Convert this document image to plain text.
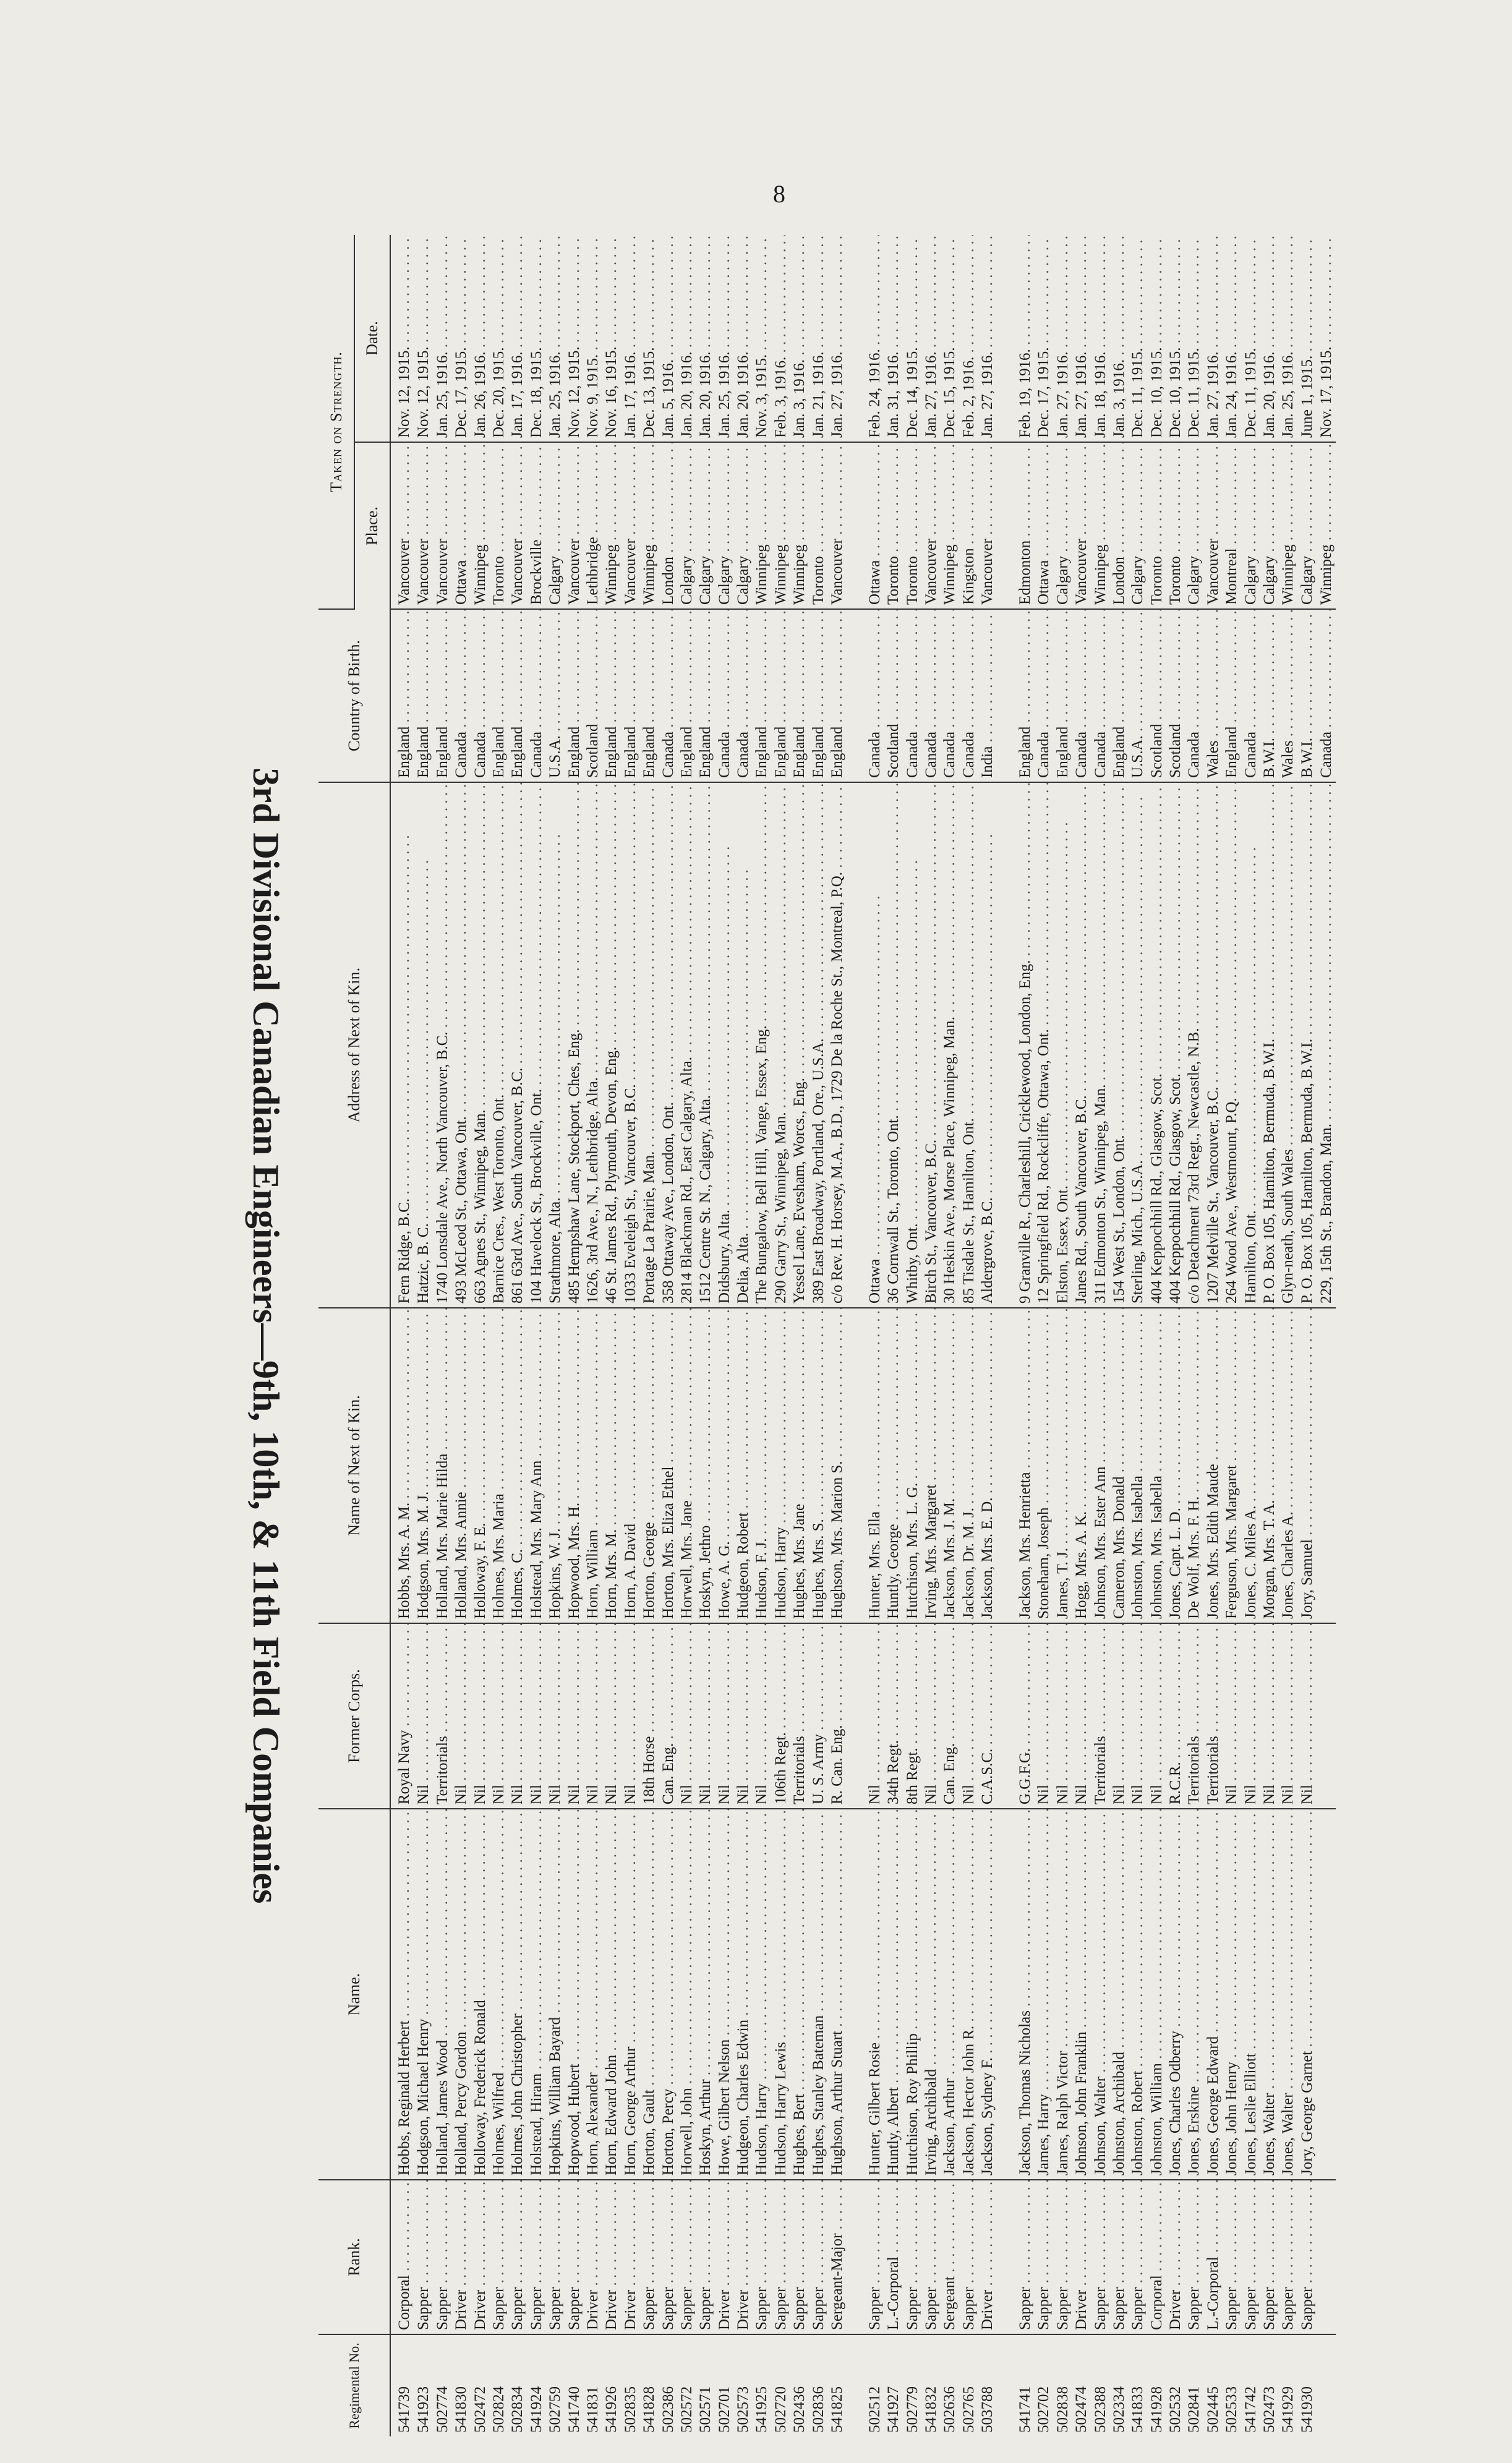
8
3rd Divisional Canadian Engineers—9th, 10th, & 11th Field Companies
Regimental No.	Rank.	Name.	Former Corps.	Name of Next of Kin.	Address of Next of Kin.	Country of Birth.	Taken on Strength.	
							Place.	Date.
541739	Corporal . . .	Hobbs, Reginald Herbert . . .	Royal Navy . . .	Hobbs, Mrs. A. M. . . .	Fern Ridge, B.C. . . .	England . . .	Vancouver . . .	Nov. 12, 1915. . . .
541923	Sapper . . .	Hodgson, Michael Henry . . .	Nil . . .	Hodgson, Mrs. M. J. . . .	Hatzic, B. C. . . .	England . . .	Vancouver . . .	Nov. 12, 1915. . . .
502774	Sapper . . .	Holland, James Wood . . .	Territorials . . .	Holland, Mrs. Marie Hilda . . .	1740 Lonsdale Ave., North Vancouver, B.C. . . .	England . . .	Vancouver . . .	Jan. 25, 1916. . . .
541830	Driver . . .	Holland, Percy Gordon . . .	Nil . . .	Holland, Mrs. Annie . . .	493 McLeod St., Ottawa, Ont. . . .	Canada . . .	Ottawa . . .	Dec. 17, 1915. . . .
502472	Driver . . .	Holloway, Frederick Ronald . . .	Nil . . .	Holloway, F. E. . . .	663 Agnes St., Winnipeg, Man. . . .	Canada . . .	Winnipeg . . .	Jan. 26, 1916. . . .
502824	Sapper . . .	Holmes, Wilfred . . .	Nil . . .	Holmes, Mrs. Maria . . .	Barnice Cres., West Toronto, Ont. . . .	England . . .	Toronto . . .	Dec. 20, 1915. . . .
502834	Sapper . . .	Holmes, John Christopher . . .	Nil . . .	Holmes, C. . . .	861 63rd Ave., South Vancouver, B.C. . . .	England . . .	Vancouver . . .	Jan. 17, 1916. . . .
541924	Sapper . . .	Holstead, Hiram . . .	Nil . . .	Holstead, Mrs. Mary Ann . . .	104 Havelock St., Brockville, Ont. . . .	Canada . . .	Brockville . . .	Dec. 18, 1915. . . .
502759	Sapper . . .	Hopkins, William Bayard . . .	Nil . . .	Hopkins, W. J. . . .	Strathmore, Alta. . . .	U.S.A. . . .	Calgary . . .	Jan. 25, 1916. . . .
541740	Sapper . . .	Hopwood, Hubert . . .	Nil . . .	Hopwood, Mrs. H. . . .	485 Hempshaw Lane, Stockport, Ches, Eng. . . .	England . . .	Vancouver . . .	Nov. 12, 1915. . . .
541831	Driver . . .	Horn, Alexander . . .	Nil . . .	Horn, William . . .	1626, 3rd Ave., N., Lethbridge, Alta. . . .	Scotland . . .	Lethbridge . . .	Nov. 9, 1915. . . .
541926	Driver . . .	Horn, Edward John . . .	Nil . . .	Horn, Mrs. M. . . .	46 St. James Rd., Plymouth, Devon, Eng. . . .	England . . .	Winnipeg . . .	Nov. 16, 1915. . . .
502835	Driver . . .	Horn, George Arthur . . .	Nil . . .	Horn, A. David . . .	1033 Eveleigh St., Vancouver, B.C. . . .	England . . .	Vancouver . . .	Jan. 17, 1916. . . .
541828	Sapper . . .	Horton, Gault . . .	18th Horse . . .	Horton, George . . .	Portage La Prairie, Man. . . .	England . . .	Winnipeg . . .	Dec. 13, 1915. . . .
502386	Sapper . . .	Horton, Percy . . .	Can. Eng. . . .	Horton, Mrs. Eliza Ethel . . .	358 Ottaway Ave., London, Ont. . . .	Canada . . .	London . . .	Jan. 5, 1916. . . .
502572	Sapper . . .	Horwell, John . . .	Nil . . .	Horwell, Mrs. Jane . . .	2814 Blackman Rd., East Calgary, Alta. . . .	England . . .	Calgary . . .	Jan. 20, 1916. . . .
502571	Sapper . . .	Hoskyn, Arthur . . .	Nil . . .	Hoskyn, Jethro . . .	1512 Centre St. N., Calgary, Alta. . . .	England . . .	Calgary . . .	Jan. 20, 1916. . . .
502701	Driver . . .	Howe, Gilbert Nelson . . .	Nil . . .	Howe, A. G. . . .	Didsbury, Alta. . . .	Canada . . .	Calgary . . .	Jan. 25, 1916. . . .
502573	Driver . . .	Hudgeon, Charles Edwin . . .	Nil . . .	Hudgeon, Robert . . .	Delia, Alta. . . .	Canada . . .	Calgary . . .	Jan. 20, 1916. . . .
541925	Sapper . . .	Hudson, Harry . . .	Nil . . .	Hudson, F. J. . . .	The Bungalow, Bell Hill, Vange, Essex, Eng. . . .	England . . .	Winnipeg . . .	Nov. 3, 1915. . . .
502720	Sapper . . .	Hudson, Harry Lewis . . .	106th Regt. . . .	Hudson, Harry . . .	290 Garry St., Winnipeg, Man. . . .	England . . .	Winnipeg . . .	Feb. 3, 1916. . . .
502436	Sapper . . .	Hughes, Bert . . .	Territorials . . .	Hughes, Mrs. Jane . . .	Yessel Lane, Evesham, Worcs., Eng. . . .	England . . .	Winnipeg . . .	Jan. 3, 1916. . . .
502836	Sapper . . .	Hughes, Stanley Bateman . . .	U. S. Army . . .	Hughes, Mrs. S. . . .	389 East Broadway, Portland, Ore., U.S.A. . . .	England . . .	Toronto . . .	Jan. 21, 1916. . . .
541825	Sergeant-Major . . .	Hughson, Arthur Stuart . . .	R. Can. Eng. . . .	Hughson, Mrs. Marion S. . . .	c/o Rev. H. Horsey, M.A., B.D., 1729 De la Roche St., Montreal, P.Q. . . .	England . . .	Vancouver . . .	Jan. 27, 1916. . . .

502512	Sapper . . .	Hunter, Gilbert Rosie . . .	Nil . . .	Hunter, Mrs. Ella . . .	Ottawa . . .	Canada . . .	Ottawa . . .	Feb. 24, 1916. . . .
541927	L.-Corporal . . .	Huntly, Albert . . .	34th Regt. . . .	Huntly, George . . .	36 Cornwall St., Toronto, Ont. . . .	Scotland . . .	Toronto . . .	Jan. 31, 1916. . . .
502779	Sapper . . .	Hutchison, Roy Phillip . . .	8th Regt. . . .	Hutchison, Mrs. L. G. . . .	Whitby, Ont. . . .	Canada . . .	Toronto . . .	Dec. 14, 1915. . . .
541832	Sapper . . .	Irving, Archibald . . .	Nil . . .	Irving, Mrs. Margaret . . .	Birch St., Vancouver, B.C. . . .	Canada . . .	Vancouver . . .	Jan. 27, 1916. . . .
502636	Sergeant . . .	Jackson, Arthur . . .	Can. Eng. . . .	Jackson, Mrs. J. M. . . .	30 Heskin Ave., Morse Place, Winnipeg, Man. . . .	Canada . . .	Winnipeg . . .	Dec. 15, 1915. . . .
502765	Sapper . . .	Jackson, Hector John R. . . .	Nil . . .	Jackson, Dr. M. J. . . .	85 Tisdale St., Hamilton, Ont. . . .	Canada . . .	Kingston . . .	Feb. 2, 1916. . . .
503788	Driver . . .	Jackson, Sydney F. . . .	C.A.S.C. . . .	Jackson, Mrs. E. D. . . .	Aldergrove, B.C. . . .	India . . .	Vancouver . . .	Jan. 27, 1916. . . .

541741	Sapper . . .	Jackson, Thomas Nicholas . . .	G.G.F.G. . . .	Jackson, Mrs. Henrietta . . .	9 Granville R., Charleshill, Cricklewood, London, Eng. . . .	England . . .	Edmonton . . .	Feb. 19, 1916. . . .
502702	Sapper . . .	James, Harry . . .	Nil . . .	Stoneham, Joseph . . .	12 Springfield Rd., Rockcliffe, Ottawa, Ont. . . .	Canada . . .	Ottawa . . .	Dec. 17, 1915. . . .
502838	Sapper . . .	James, Ralph Victor . . .	Nil . . .	James, T. J. . . .	Elston, Essex, Ont. . . .	England . . .	Calgary . . .	Jan. 27, 1916. . . .
502474	Driver . . .	Johnson, John Franklin . . .	Nil . . .	Hogg, Mrs. A. K. . . .	Janes Rd., South Vancouver, B.C. . . .	Canada . . .	Vancouver . . .	Jan. 27, 1916. . . .
502388	Sapper . . .	Johnson, Walter . . .	Territorials . . .	Johnson, Mrs. Ester Ann . . .	311 Edmonton St., Winnipeg, Man. . . .	Canada . . .	Winnipeg . . .	Jan. 18, 1916. . . .
502334	Sapper . . .	Johnston, Archibald . . .	Nil . . .	Cameron, Mrs. Donald . . .	154 West St., London, Ont. . . .	England . . .	London . . .	Jan. 3, 1916. . . .
541833	Sapper . . .	Johnston, Robert . . .	Nil . . .	Johnston, Mrs. Isabella . . .	Sterling, Mich., U.S.A. . . .	U.S.A. . . .	Calgary . . .	Dec. 11, 1915. . . .
541928	Corporal . . .	Johnston, William . . .	Nil . . .	Johnston, Mrs. Isabella . . .	404 Keppochhill Rd., Glasgow, Scot. . . .	Scotland . . .	Toronto . . .	Dec. 10, 1915. . . .
502532	Driver . . .	Jones, Charles Odberry . . .	R.C.R. . . .	Jones, Capt. L. D. . . .	404 Keppochhill Rd., Glasgow, Scot. . . .	Scotland . . .	Toronto . . .	Dec. 10, 1915. . . .
502841	Sapper . . .	Jones, Erskine . . .	Territorials . . .	De Wolf, Mrs. F. H. . . .	c/o Detachment 73rd Regt., Newcastle, N.B. . . .	Canada . . .	Calgary . . .	Dec. 11, 1915. . . .
502445	L.-Corporal . . .	Jones, George Edward . . .	Territorials . . .	Jones, Mrs. Edith Maude . . .	1207 Melville St., Vancouver, B.C. . . .	Wales . . .	Vancouver . . .	Jan. 27, 1916. . . .
502533	Sapper . . .	Jones, John Henry . . .	Nil . . .	Ferguson, Mrs. Margaret . . .	264 Wood Ave., Westmount, P.Q. . . .	England . . .	Montreal . . .	Jan. 24, 1916. . . .
541742	Sapper . . .	Jones, Leslie Elliott . . .	Nil . . .	Jones, C. Miles A. . . .	Hamilton, Ont. . . .	Canada . . .	Calgary . . .	Dec. 11, 1915. . . .
502473	Sapper . . .	Jones, Walter . . .	Nil . . .	Morgan, Mrs. T. A. . . .	P. O. Box 105, Hamilton, Bermuda, B.W.I. . . .	B.W.I. . . .	Calgary . . .	Jan. 20, 1916. . . .
541929	Sapper . . .	Jones, Walter . . .	Nil . . .	Jones, Charles A. . . .	Glyn-neath, South Wales . . .	Wales . . .	Winnipeg . . .	Jan. 25, 1916. . . .
541930	Sapper . . .	Jory, George Garnet . . .	Nil . . .	Jory, Samuel . . .	P. O. Box 105, Hamilton, Bermuda, B.W.I. . . .	B.W.I. . . .	Calgary . . .	June 1, 1915. . . .
					229, 15th St., Brandon, Man. . . .	Canada . . .	Winnipeg . . .	Nov. 17, 1915. . . .
